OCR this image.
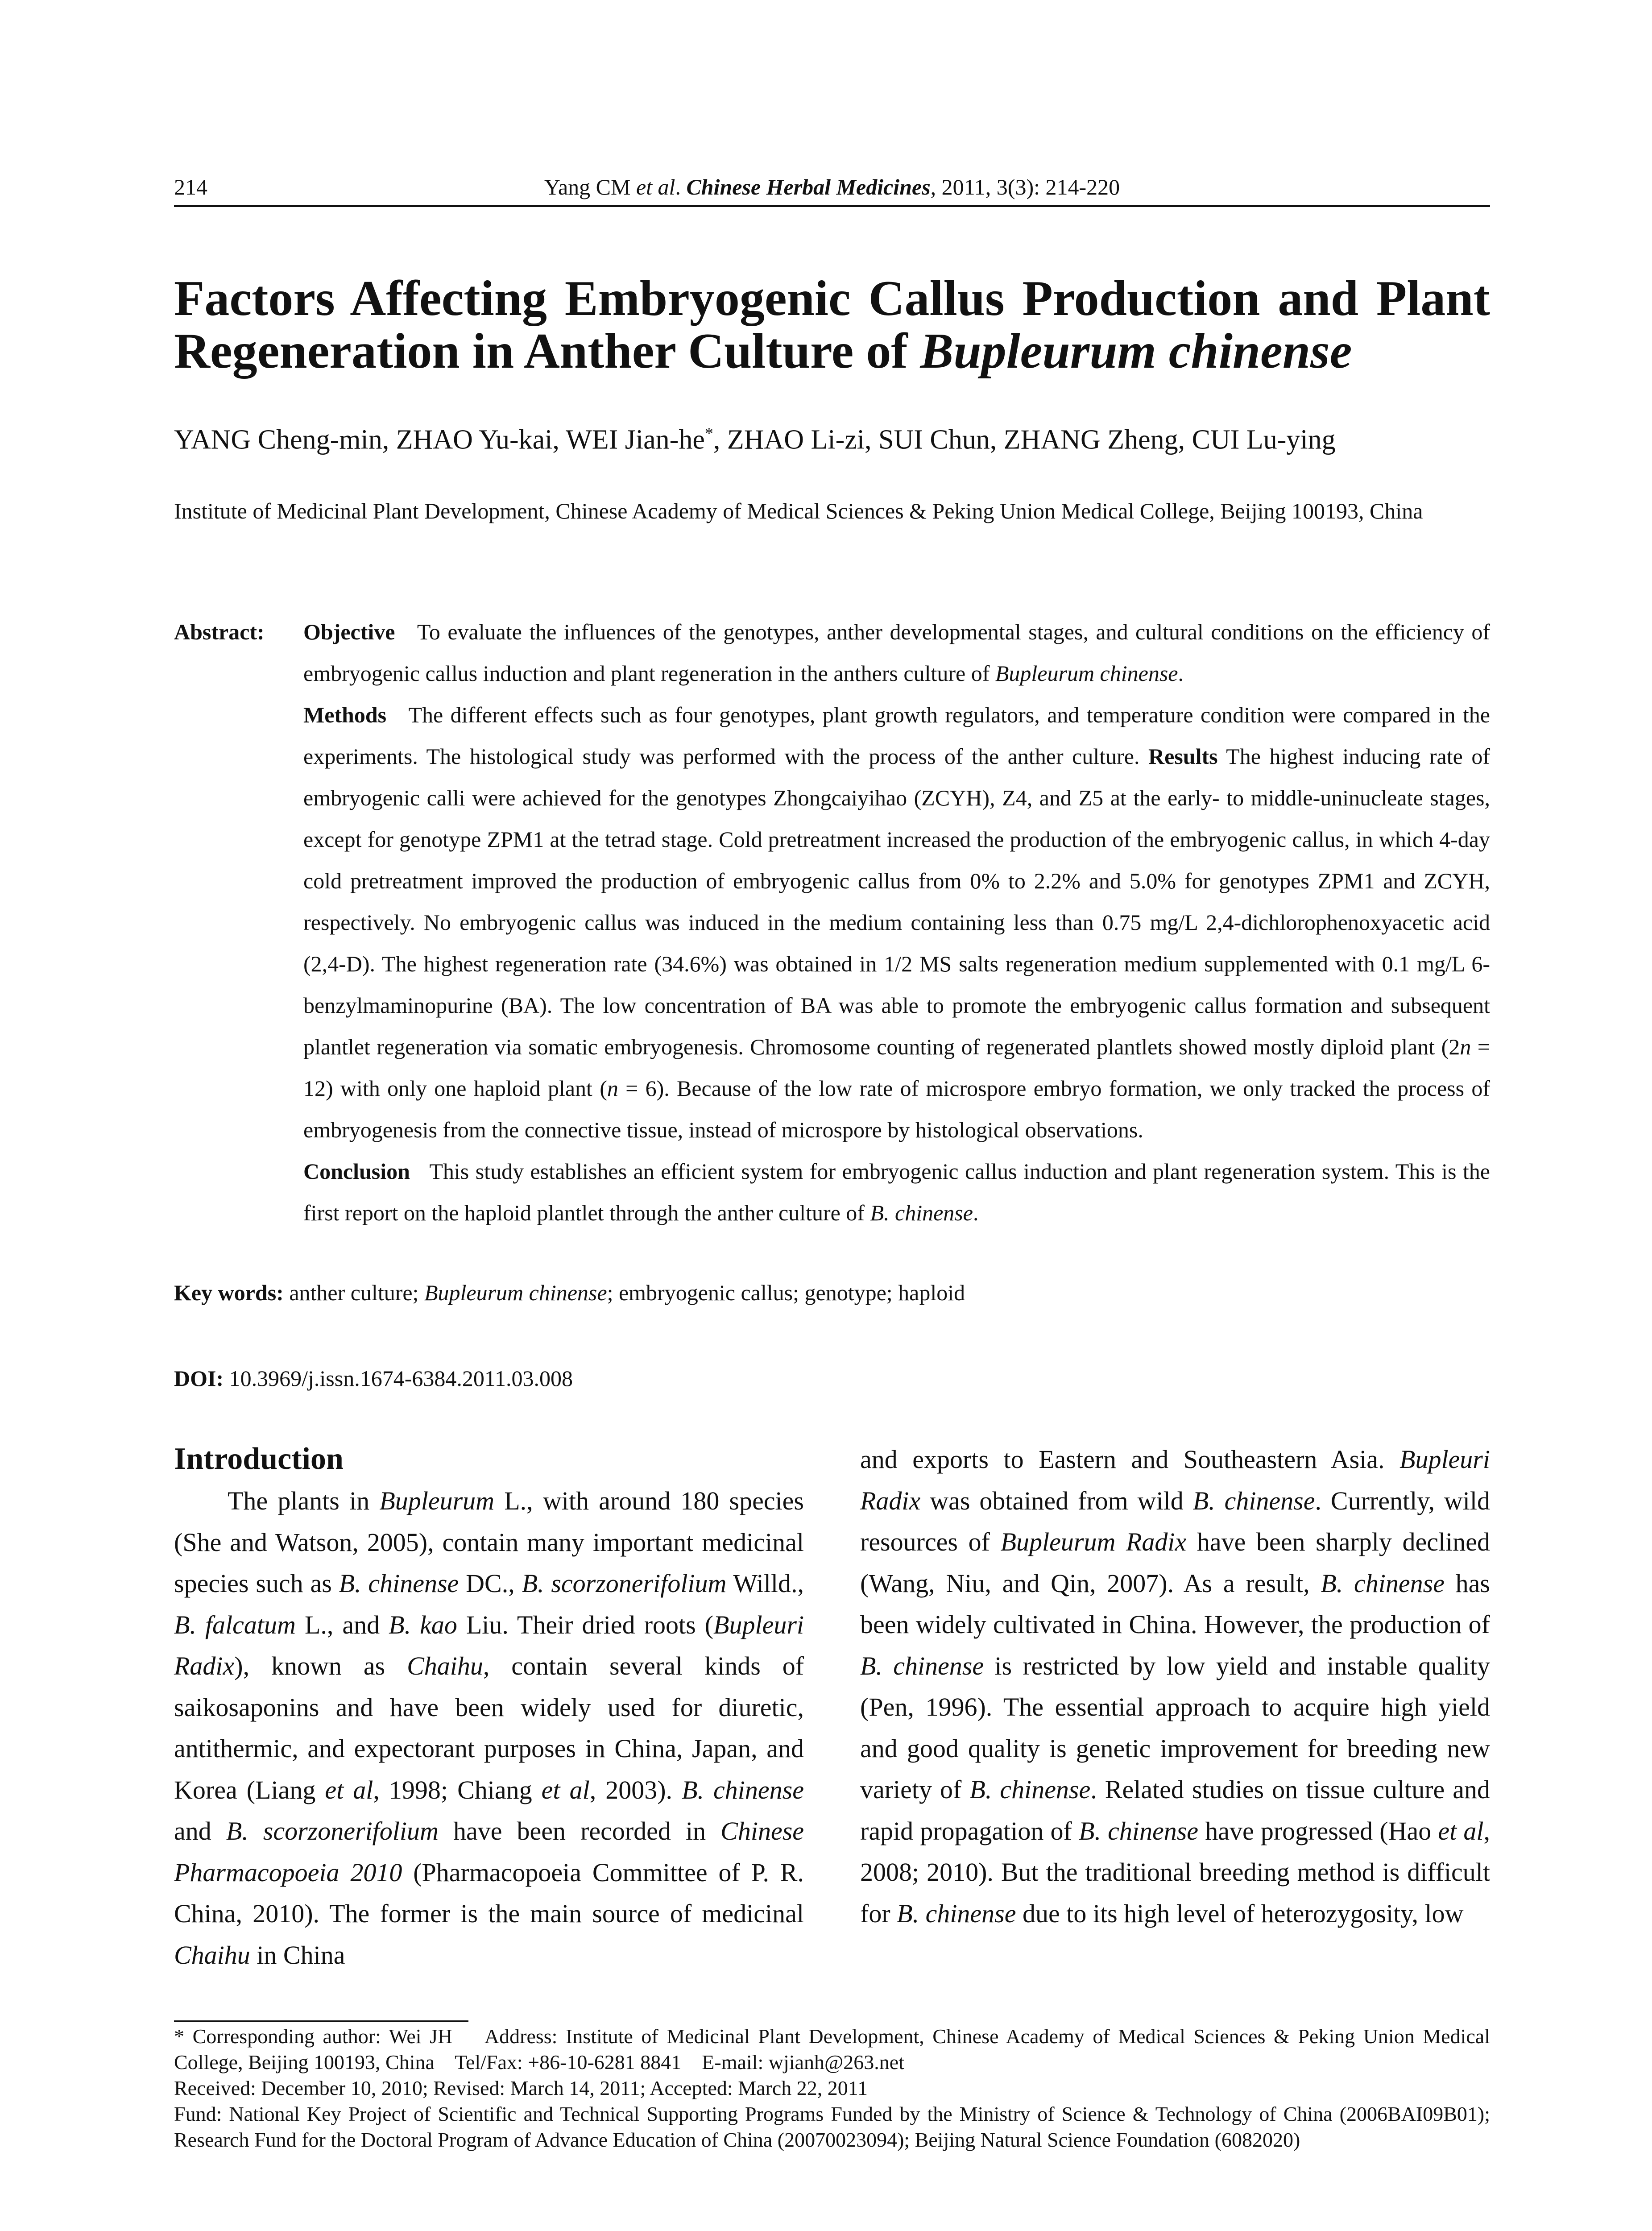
214	Yang CM et al. Chinese Herbal Medicines, 2011, 3(3): 214-220
Factors Affecting Embryogenic Callus Production and Plant
Regeneration in Anther Culture of Bupleurum chinense
YANG Cheng-min, ZHAO Yu-kai, WEI Jian-he*, ZHAO Li-zi, SUI Chun, ZHANG Zheng, CUI Lu-ying
Institute of Medicinal Plant Development, Chinese Academy of Medical Sciences & Peking Union Medical College, Beijing 100193, China
Abstract: Objective To evaluate the influences of the genotypes, anther developmental stages, and cultural conditions on the efficiency of embryogenic callus induction and plant regeneration in the anthers culture of Bupleurum chinense.
Methods The different effects such as four genotypes, plant growth regulators, and temperature condition were compared in the experiments. The histological study was performed with the process of the anther culture. Results The highest inducing rate of embryogenic calli were achieved for the genotypes Zhongcaiyihao (ZCYH), Z4, and Z5 at the early- to middle-uninucleate stages, except for genotype ZPM1 at the tetrad stage. Cold pretreatment increased the production of the embryogenic callus, in which 4-day cold pretreatment improved the production of embryogenic callus from 0% to 2.2% and 5.0% for genotypes ZPM1 and ZCYH, respectively. No embryogenic callus was induced in the medium containing less than 0.75 mg/L 2,4-dichlorophenoxyacetic acid (2,4-D). The highest regeneration rate (34.6%) was obtained in 1/2 MS salts regeneration medium supplemented with 0.1 mg/L 6-benzylmaminopurine (BA). The low concentration of BA was able to promote the embryogenic callus formation and subsequent plantlet regeneration via somatic embryogenesis. Chromosome counting of regenerated plantlets showed mostly diploid plant (2n = 12) with only one haploid plant (n = 6). Because of the low rate of microspore embryo formation, we only tracked the process of embryogenesis from the connective tissue, instead of microspore by histological observations.
Conclusion This study establishes an efficient system for embryogenic callus induction and plant regeneration system. This is the first report on the haploid plantlet through the anther culture of B. chinense.
Key words: anther culture; Bupleurum chinense; embryogenic callus; genotype; haploid
DOI: 10.3969/j.issn.1674-6384.2011.03.008
Introduction
The plants in Bupleurum L., with around 180 species (She and Watson, 2005), contain many important medicinal species such as B. chinense DC., B. scorzonerifolium Willd., B. falcatum L., and B. kao Liu. Their dried roots (Bupleuri Radix), known as Chaihu, contain several kinds of saikosaponins and have been widely used for diuretic, antithermic, and expectorant purposes in China, Japan, and Korea (Liang et al, 1998; Chiang et al, 2003). B. chinense and B. scorzonerifolium have been recorded in Chinese Pharmacopoeia 2010 (Pharmacopoeia Committee of P. R. China, 2010). The former is the main source of medicinal Chaihu in China
and exports to Eastern and Southeastern Asia. Bupleuri Radix was obtained from wild B. chinense. Currently, wild resources of Bupleurum Radix have been sharply declined (Wang, Niu, and Qin, 2007). As a result, B. chinense has been widely cultivated in China. However, the production of B. chinense is restricted by low yield and instable quality (Pen, 1996). The essential approach to acquire high yield and good quality is genetic improvement for breeding new variety of B. chinense. Related studies on tissue culture and rapid propagation of B. chinense have progressed (Hao et al, 2008; 2010). But the traditional breeding method is difficult for B. chinense due to its high level of heterozygosity, low

* Corresponding author: Wei JH    Address: Institute of Medicinal Plant Development, Chinese Academy of Medical Sciences & Peking Union Medical College, Beijing 100193, China    Tel/Fax: +86-10-6281 8841    E-mail: wjianh@263.net

Received: December 10, 2010; Revised: March 14, 2011; Accepted: March 22, 2011

Fund: National Key Project of Scientific and Technical Supporting Programs Funded by the Ministry of Science & Technology of China (2006BAI09B01); Research Fund for the Doctoral Program of Advance Education of China (20070023094); Beijing Natural Science Foundation (6082020)
